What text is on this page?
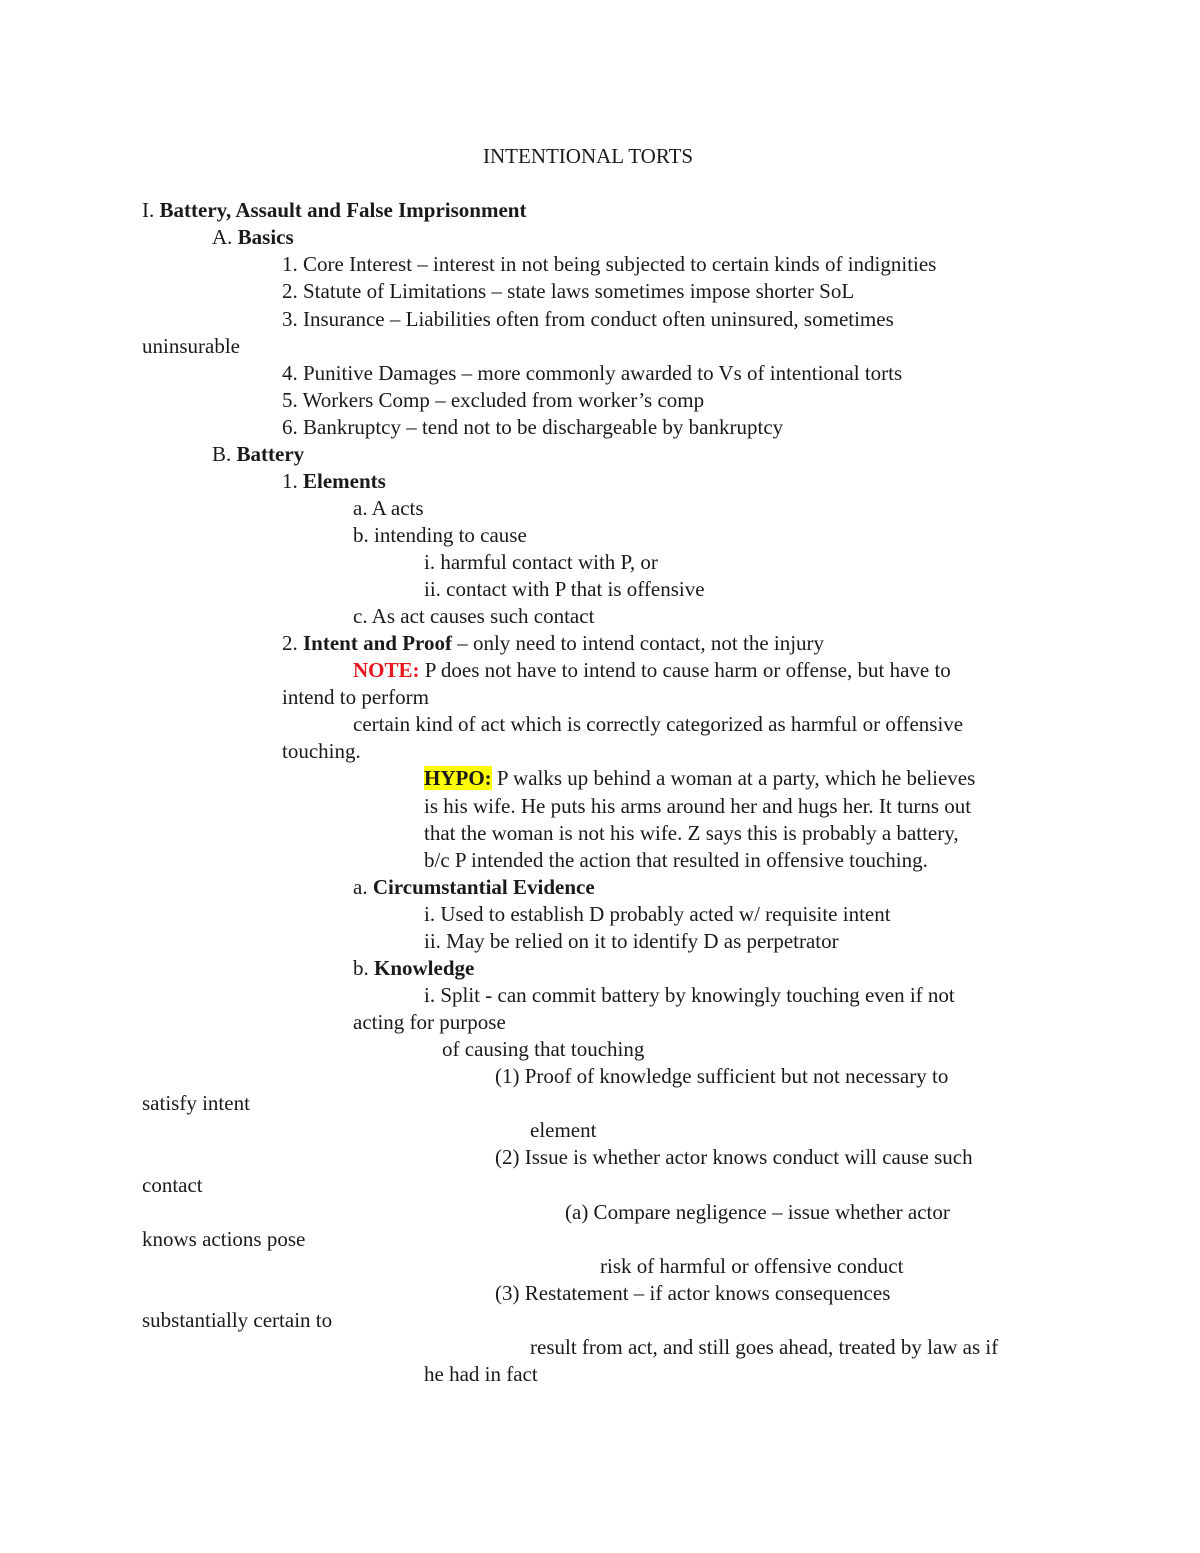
INTENTIONAL TORTS
I. Battery, Assault and False Imprisonment
A. Basics
1. Core Interest – interest in not being subjected to certain kinds of indignities
2. Statute of Limitations – state laws sometimes impose shorter SoL
3. Insurance – Liabilities often from conduct often uninsured, sometimes
uninsurable
4. Punitive Damages – more commonly awarded to Vs of intentional torts
5. Workers Comp – excluded from worker’s comp
6. Bankruptcy – tend not to be dischargeable by bankruptcy
B. Battery
1. Elements
a. A acts
b. intending to cause
i. harmful contact with P, or
ii. contact with P that is offensive
c. As act causes such contact
2. Intent and Proof – only need to intend contact, not the injury
NOTE: P does not have to intend to cause harm or offense, but have to
intend to perform
certain kind of act which is correctly categorized as harmful or offensive
touching.
HYPO: P walks up behind a woman at a party, which he believes
is his wife. He puts his arms around her and hugs her. It turns out
that the woman is not his wife. Z says this is probably a battery,
b/c P intended the action that resulted in offensive touching.
a. Circumstantial Evidence
i. Used to establish D probably acted w/ requisite intent
ii. May be relied on it to identify D as perpetrator
b. Knowledge
i. Split - can commit battery by knowingly touching even if not
acting for purpose
of causing that touching
(1) Proof of knowledge sufficient but not necessary to
satisfy intent
element
(2) Issue is whether actor knows conduct will cause such
contact
(a) Compare negligence – issue whether actor
knows actions pose
risk of harmful or offensive conduct
(3) Restatement – if actor knows consequences
substantially certain to
result from act, and still goes ahead, treated by law as if
he had in fact
